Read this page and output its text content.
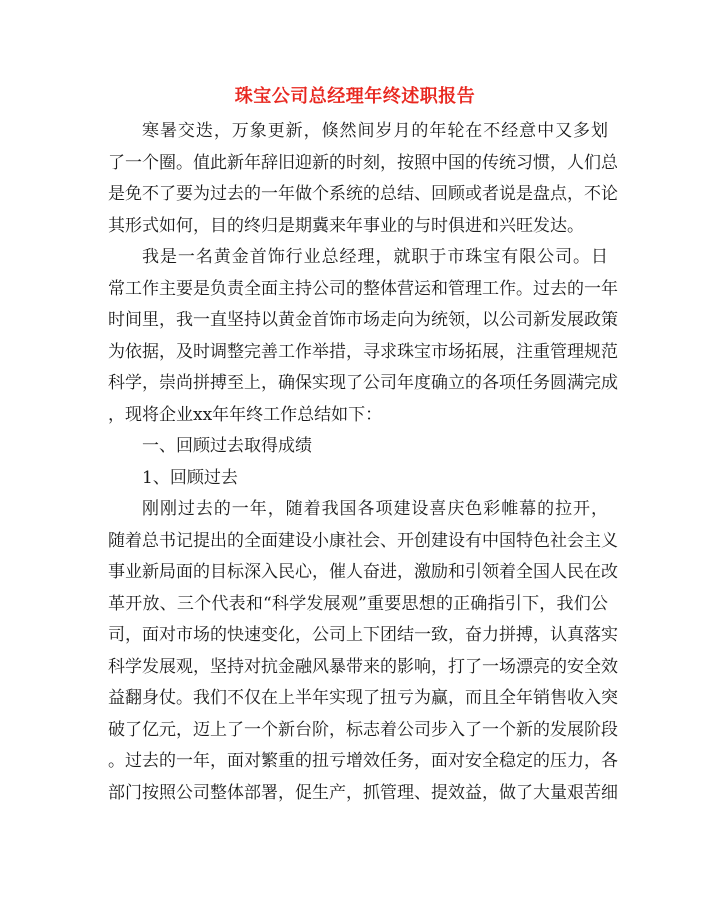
珠宝公司总经理年终述职报告
寒暑交迭，万象更新，倏然间岁月的年轮在不经意中又多划
了一个圈。值此新年辞旧迎新的时刻，按照中国的传统习惯，人们总
是免不了要为过去的一年做个系统的总结、回顾或者说是盘点，不论
其形式如何，目的终归是期冀来年事业的与时俱进和兴旺发达。
我是一名黄金首饰行业总经理，就职于市珠宝有限公司。日
常工作主要是负责全面主持公司的整体营运和管理工作。过去的一年
时间里，我一直坚持以黄金首饰市场走向为统领，以公司新发展政策
为依据，及时调整完善工作举措，寻求珠宝市场拓展，注重管理规范
科学，崇尚拼搏至上，确保实现了公司年度确立的各项任务圆满完成
，现将企业xx年年终工作总结如下：
一、回顾过去取得成绩
1、回顾过去
刚刚过去的一年，随着我国各项建设喜庆色彩帷幕的拉开，
随着总书记提出的全面建设小康社会、开创建设有中国特色社会主义
事业新局面的目标深入民心，催人奋进，激励和引领着全国人民在改
革开放、三个代表和“科学发展观”重要思想的正确指引下，我们公
司，面对市场的快速变化，公司上下团结一致，奋力拼搏，认真落实
科学发展观，坚持对抗金融风暴带来的影响，打了一场漂亮的安全效
益翻身仗。我们不仅在上半年实现了扭亏为赢，而且全年销售收入突
破了亿元，迈上了一个新台阶，标志着公司步入了一个新的发展阶段
。过去的一年，面对繁重的扭亏增效任务，面对安全稳定的压力，各
部门按照公司整体部署，促生产，抓管理、提效益，做了大量艰苦细
